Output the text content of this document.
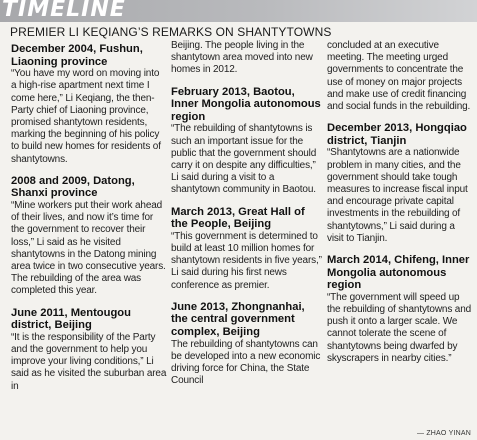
TIMELINE
PREMIER LI KEQIANG’S REMARKS ON SHANTYTOWNS
December 2004, Fushun, Liaoning province
“You have my word on moving into a high-rise apartment next time I come here,” Li Keqiang, the then-Party chief of Liaoning province, promised shantytown residents, marking the beginning of his policy to build new homes for residents of shantytowns.
2008 and 2009, Datong, Shanxi province
“Mine workers put their work ahead of their lives, and now it’s time for the government to recover their loss,” Li said as he visited shantytowns in the Datong mining area twice in two consecutive years. The rebuilding of the area was completed this year.
June 2011, Mentougou district, Beijing
“It is the responsibility of the Party and the government to help you improve your living conditions,” Li said as he visited the suburban area in
Beijing. The people living in the shantytown area moved into new homes in 2012.
February 2013, Baotou, Inner Mongolia autonomous region
“The rebuilding of shantytowns is such an important issue for the public that the government should carry it on despite any difficulties,” Li said during a visit to a shantytown community in Baotou.
March 2013, Great Hall of the People, Beijing
“This government is determined to build at least 10 million homes for shantytown residents in five years,” Li said during his first news conference as premier.
June 2013, Zhongnanhai, the central government complex, Beijing
The rebuilding of shantytowns can be developed into a new economic driving force for China, the State Council
concluded at an executive meeting. The meeting urged governments to concentrate the use of money on major projects and make use of credit financing and social funds in the rebuilding.
December 2013, Hongqiao district, Tianjin
“Shantytowns are a nationwide problem in many cities, and the government should take tough measures to increase fiscal input and encourage private capital investments in the rebuilding of shantytowns,” Li said during a visit to Tianjin.
March 2014, Chifeng, Inner Mongolia autonomous region
“The government will speed up the rebuilding of shantytowns and push it onto a larger scale. We cannot tolerate the scene of shantytowns being dwarfed by skyscrapers in nearby cities.”
— ZHAO YINAN
